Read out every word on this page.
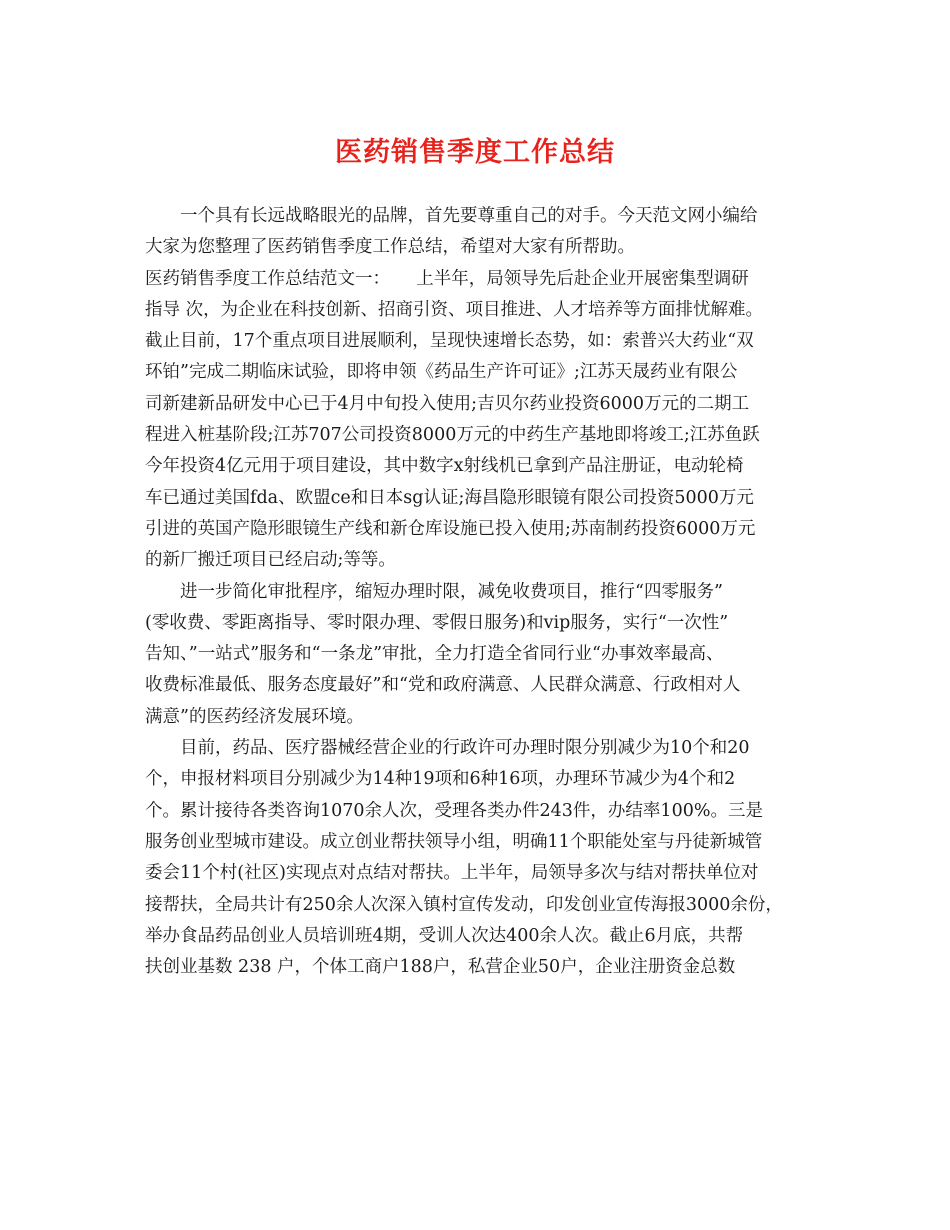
医药销售季度工作总结
一个具有长远战略眼光的品牌，首先要尊重自己的对手。今天范文网小编给
大家为您整理了医药销售季度工作总结，希望对大家有所帮助。
医药销售季度工作总结范文一：　　上半年，局领导先后赴企业开展密集型调研
指导 次，为企业在科技创新、招商引资、项目推进、人才培养等方面排忧解难。
截止目前，17个重点项目进展顺利，呈现快速增长态势，如：索普兴大药业“双
环铂”完成二期临床试验，即将申领《药品生产许可证》;江苏天晟药业有限公
司新建新品研发中心已于4月中旬投入使用;吉贝尔药业投资6000万元的二期工
程进入桩基阶段;江苏707公司投资8000万元的中药生产基地即将竣工;江苏鱼跃
今年投资4亿元用于项目建设，其中数字x射线机已拿到产品注册证，电动轮椅
车已通过美国fda、欧盟ce和日本sg认证;海昌隐形眼镜有限公司投资5000万元
引进的英国产隐形眼镜生产线和新仓库设施已投入使用;苏南制药投资6000万元
的新厂搬迁项目已经启动;等等。
进一步简化审批程序，缩短办理时限，减免收费项目，推行“四零服务”
(零收费、零距离指导、零时限办理、零假日服务)和vip服务，实行“一次性”
告知、”一站式”服务和“一条龙”审批，全力打造全省同行业“办事效率最高、
收费标准最低、服务态度最好”和“党和政府满意、人民群众满意、行政相对人
满意”的医药经济发展环境。
目前，药品、医疗器械经营企业的行政许可办理时限分别减少为10个和20
个，申报材料项目分别减少为14种19项和6种16项，办理环节减少为4个和2
个。累计接待各类咨询1070余人次，受理各类办件243件，办结率100%。三是
服务创业型城市建设。成立创业帮扶领导小组，明确11个职能处室与丹徒新城管
委会11个村(社区)实现点对点结对帮扶。上半年，局领导多次与结对帮扶单位对
接帮扶，全局共计有250余人次深入镇村宣传发动，印发创业宣传海报3000余份，
举办食品药品创业人员培训班4期，受训人次达400余人次。截止6月底，共帮
扶创业基数 238 户，个体工商户188户，私营企业50户，企业注册资金总数
